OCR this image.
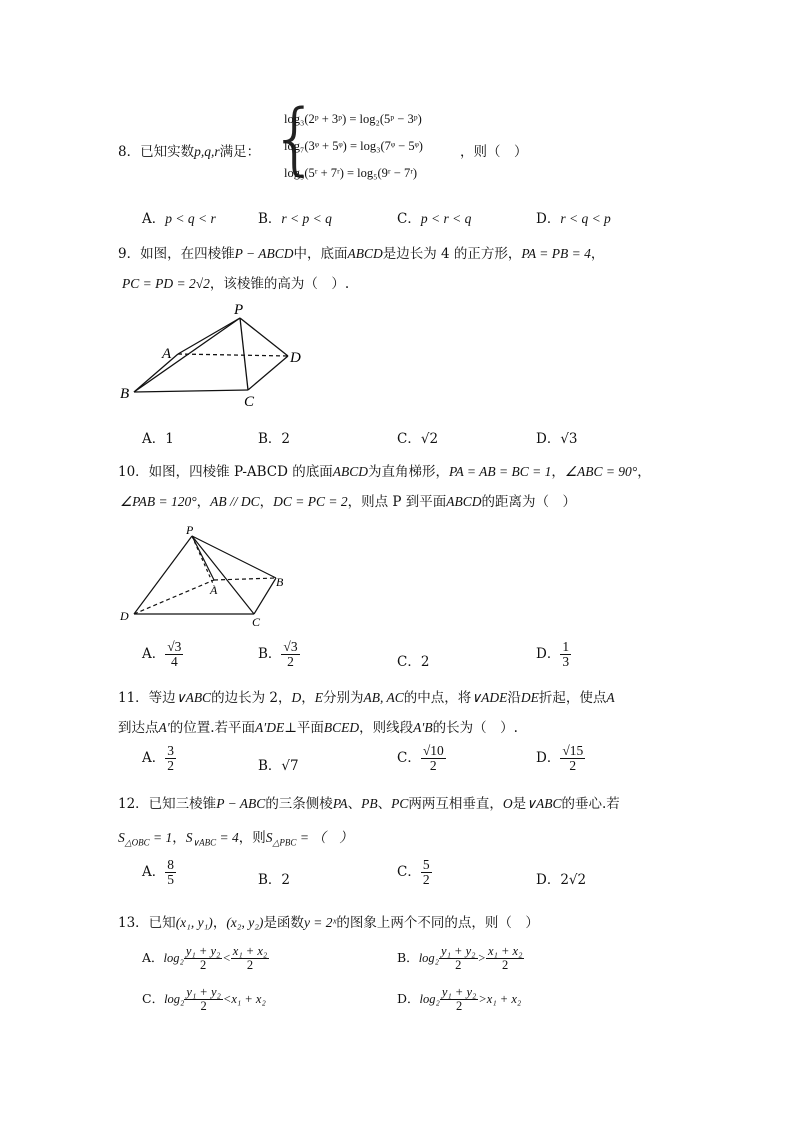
8．已知实数p,q,r满足： {
log₃(2ᵖ + 3ᵖ) = log₂(5ᵖ − 3ᵖ)
log₇(3ᵠ + 5ᵠ) = log₃(7ᵠ − 5ᵠ)
log₉(5ʳ + 7ʳ) = log₅(9ʳ − 7ʳ)
，则（　）
A．p < q < r	B．r < p < q	C．p < r < q	D．r < q < p
9．如图，在四棱锥P − ABCD中，底面ABCD是边长为 4 的正方形，PA = PB = 4，
PC = PD = 2√2，该棱锥的高为（　）.
P
A
B	C
D
A．1	B．2	C．√2	D．√3
10．如图，四棱锥 P-ABCD 的底面ABCD为直角梯形，PA = AB = BC = 1，∠ABC = 90°，
∠PAB = 120°，AB // DC，DC = PC = 2，则点 P 到平面ABCD的距离为（　）
P
A
B
C
D
A． $\frac{√3}{4}$	B． $\frac{√3}{2}$	C．2	D． $\frac{1}{3}$
11．等边∨ABC的边长为 2，D，E分别为AB, AC的中点，将∨ADE沿DE折起，使点A
到达点A′的位置.若平面A′DE⊥平面BCED，则线段A′B的长为（　）.
A． $\frac{3}{2}$	B．√7	C． $\frac{√10}{2}$	D． $\frac{√15}{2}$
12．已知三棱锥P − ABC的三条侧棱PA、PB、PC两两互相垂直，O是∨ABC的垂心.若
$S_{\triangle OBC} = 1$，$S_{\vee ABC} = 4$，则$S_{\triangle PBC}$ = （　）
A． $\frac{8}{5}$	B．2	C． $\frac{5}{2}$	D．2√2
13．已知(x₁, y₁)，(x₂, y₂)是函数y = 2ˣ的图象上两个不同的点，则（　）
A．$\log_2 \frac{\text{y₁ + y₂}}{2} < \frac{\text{x₁ + x₂}}{2}$	B．$\log_2 \frac{\text{y₁ + y₂}}{2} > \frac{\text{x₁ + x₂}}{2}$
C．$\log_2 \frac{\text{y₁ + y₂}}{2} <x_1 + x_2$	D．$\log_2 \frac{\text{y₁ + y₂}}{2} >x_1 + x_2$
